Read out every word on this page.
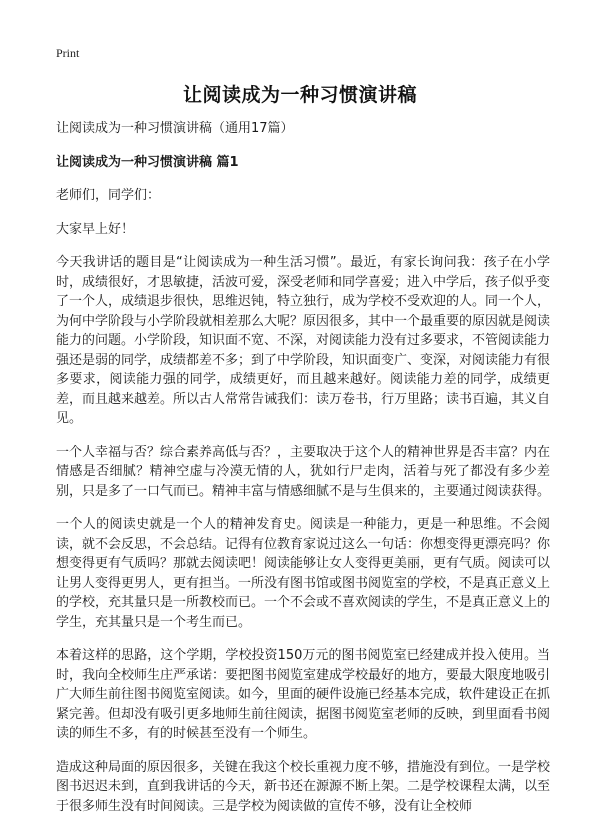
Print

让阅读成为一种习惯演讲稿

让阅读成为一种习惯演讲稿（通用17篇）

让阅读成为一种习惯演讲稿 篇1

老师们，同学们：

大家早上好！

今天我讲话的题目是“让阅读成为一种生活习惯”。最近，有家长询问我：孩子在小学时，成绩很好，才思敏捷，活波可爱，深受老师和同学喜爱；进入中学后，孩子似乎变了一个人，成绩退步很快，思维迟钝，特立独行，成为学校不受欢迎的人。同一个人，为何中学阶段与小学阶段就相差那么大呢？原因很多，其中一个最重要的原因就是阅读能力的问题。小学阶段，知识面不宽、不深，对阅读能力没有过多要求，不管阅读能力强还是弱的同学，成绩都差不多；到了中学阶段，知识面变广、变深，对阅读能力有很多要求，阅读能力强的同学，成绩更好，而且越来越好。阅读能力差的同学，成绩更差，而且越来越差。所以古人常常告诫我们：读万卷书，行万里路；读书百遍，其义自见。

一个人幸福与否？综合素养高低与否？，主要取决于这个人的精神世界是否丰富？内在情感是否细腻？精神空虚与冷漠无情的人，犹如行尸走肉，活着与死了都没有多少差别，只是多了一口气而已。精神丰富与情感细腻不是与生俱来的，主要通过阅读获得。

一个人的阅读史就是一个人的精神发育史。阅读是一种能力，更是一种思维。不会阅读，就不会反思，不会总结。记得有位教育家说过这么一句话：你想变得更漂亮吗？你想变得更有气质吗？那就去阅读吧！阅读能够让女人变得更美丽，更有气质。阅读可以让男人变得更男人，更有担当。一所没有图书馆或图书阅览室的学校，不是真正意义上的学校，充其量只是一所教校而已。一个不会或不喜欢阅读的学生，不是真正意义上的学生，充其量只是一个考生而已。

本着这样的思路，这个学期，学校投资150万元的图书阅览室已经建成并投入使用。当时，我向全校师生庄严承诺：要把图书阅览室建成学校最好的地方，要最大限度地吸引广大师生前往图书阅览室阅读。如今，里面的硬件设施已经基本完成，软件建设正在抓紧完善。但却没有吸引更多地师生前往阅读，据图书阅览室老师的反映，到里面看书阅读的师生不多，有的时候甚至没有一个师生。

造成这种局面的原因很多，关键在我这个校长重视力度不够，措施没有到位。一是学校图书迟迟未到，直到我讲话的今天，新书还在源源不断上架。二是学校课程太满，以至于很多师生没有时间阅读。三是学校为阅读做的宣传不够，没有让全校师
